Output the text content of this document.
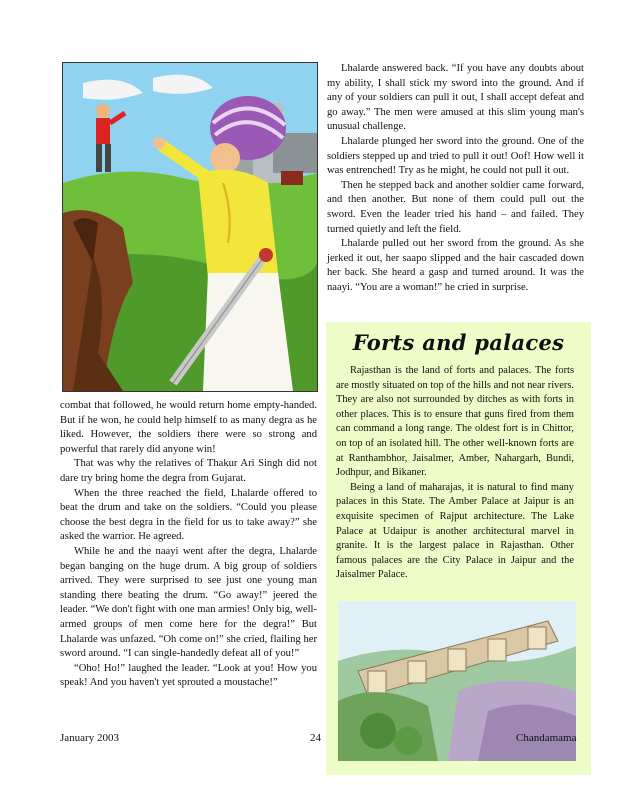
combat that followed, he would return home empty-handed. But if he won, he could help himself to as many degra as he liked. However, the soldiers there were so strong and powerful that rarely did anyone win!

That was why the relatives of Thakur Ari Singh did not dare try bring home the degra from Gujarat.

When the three reached the field, Lhalarde offered to beat the drum and take on the soldiers. “Could you please choose the best degra in the field for us to take away?” she asked the warrior. He agreed.

While he and the naayi went after the degra, Lhalarde began banging on the huge drum. A big group of soldiers arrived. They were surprised to see just one young man standing there beating the drum. “Go away!” jeered the leader. “We don't fight with one man armies! Only big, well-armed groups of men come here for the degra!” But Lhalarde was unfazed. “Oh come on!” she cried, flailing her sword around. “I can single-handedly defeat all of you!”

“Oho! Ho!” laughed the leader. “Look at you! How you speak! And you haven't yet sprouted a moustache!”

Lhalarde answered back. “If you have any doubts about my ability, I shall stick my sword into the ground. And if any of your soldiers can pull it out, I shall accept defeat and go away.” The men were amused at this slim young man's unusual challenge.

Lhalarde plunged her sword into the ground. One of the soldiers stepped up and tried to pull it out! Oof! How well it was entrenched! Try as he might, he could not pull it out.

Then he stepped back and another soldier came forward, and then another. But none of them could pull out the sword. Even the leader tried his hand – and failed. They turned quietly and left the field.

Lhalarde pulled out her sword from the ground. As she jerked it out, her saapo slipped and the hair cascaded down her back. She heard a gasp and turned around. It was the naayi. “You are a woman!” he cried in surprise.

Forts and palaces

Rajasthan is the land of forts and palaces. The forts are mostly situated on top of the hills and not near rivers. They are also not surrounded by ditches as with forts in other places. This is to ensure that guns fired from them can command a long range. The oldest fort is in Chittor, on top of an isolated hill. The other well-known forts are at Ranthambhor, Jaisalmer, Amber, Nahargarh, Bundi, Jodhpur, and Bikaner.

Being a land of maharajas, it is natural to find many palaces in this State. The Amber Palace at Jaipur is an exquisite specimen of Rajput architecture. The Lake Palace at Udaipur is another architectural marvel in granite. It is the largest palace in Rajasthan. Other famous palaces are the City Palace in Jaipur and the Jaisalmer Palace.

January 2003	24	Chandamama
